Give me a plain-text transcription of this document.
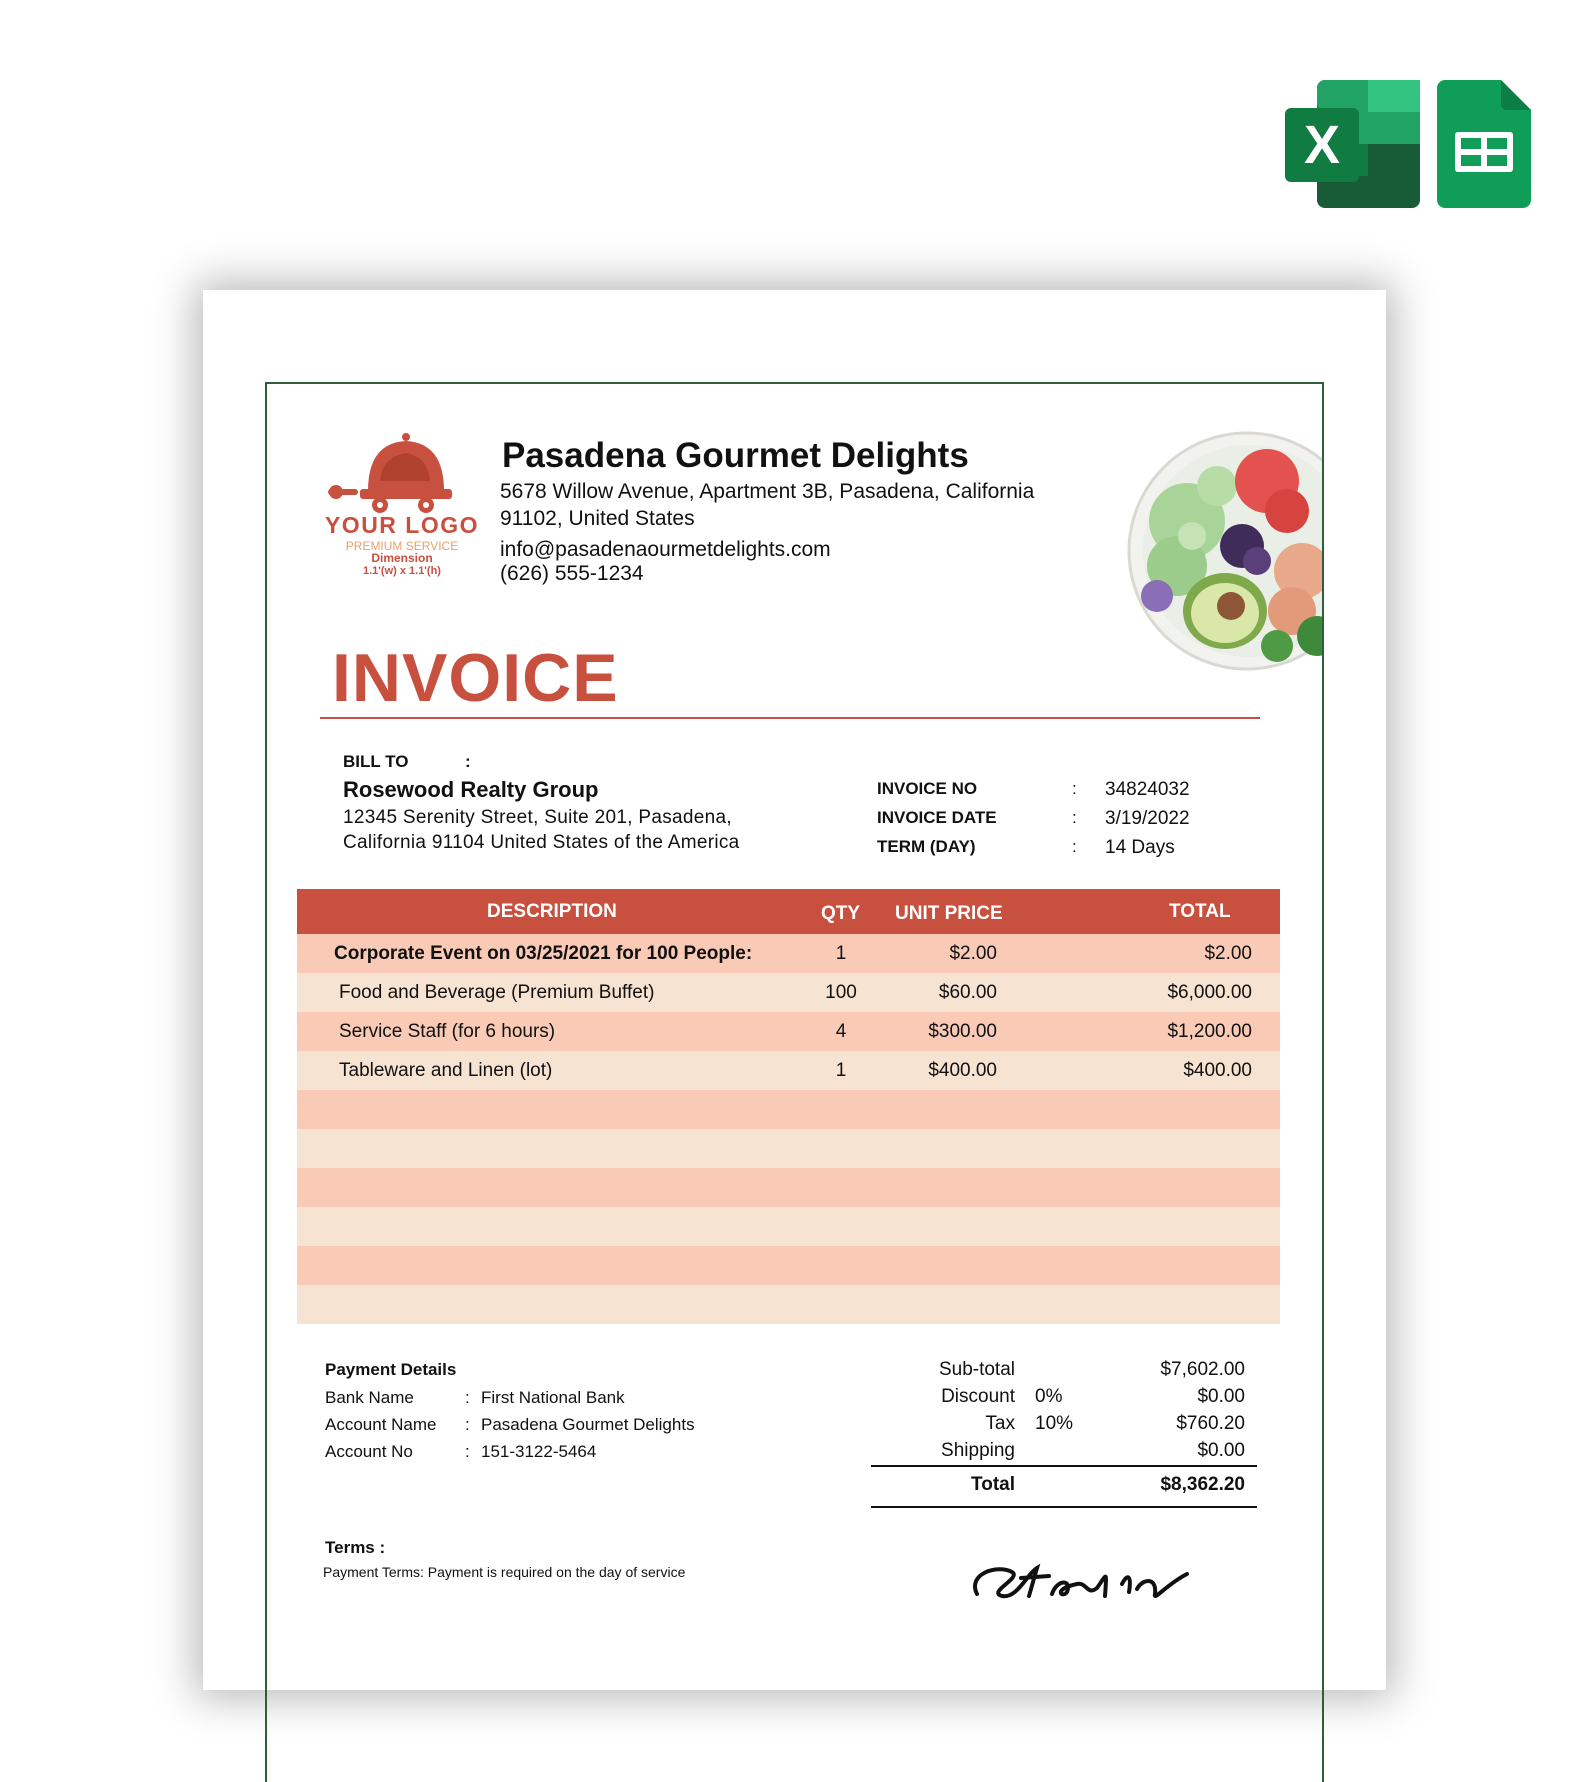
X
YOUR LOGO
PREMIUM SERVICE
Dimension
1.1'(w) x 1.1'(h)
Pasadena Gourmet Delights
5678 Willow Avenue, Apartment 3B, Pasadena, California
91102, United States
info@pasadenaourmetdelights.com
(626) 555-1234
INVOICE
BILL TO	:
Rosewood Realty Group
12345 Serenity Street, Suite 201, Pasadena,
California 91104 United States of the America
INVOICE NO	: 34824032
INVOICE DATE	: 3/19/2022
TERM (DAY)	: 14 Days
DESCRIPTION	QTY UNIT PRICE	TOTAL
Corporate Event on 03/25/2021 for 100 People:	1	$2.00	$2.00
Food and Beverage (Premium Buffet)	100	$60.00	$6,000.00
Service Staff (for 6 hours)	4	$300.00	$1,200.00
Tableware and Linen (lot)	1	$400.00	$400.00
Payment Details
Bank Name	: First National Bank
Account Name : Pasadena Gourmet Delights
Account No	: 151-3122-5464
Sub-total	$7,602.00
Discount 0%	$0.00
Tax 10%	$760.20
Shipping	$0.00
Total	$8,362.20
Terms :
Payment Terms: Payment is required on the day of service
